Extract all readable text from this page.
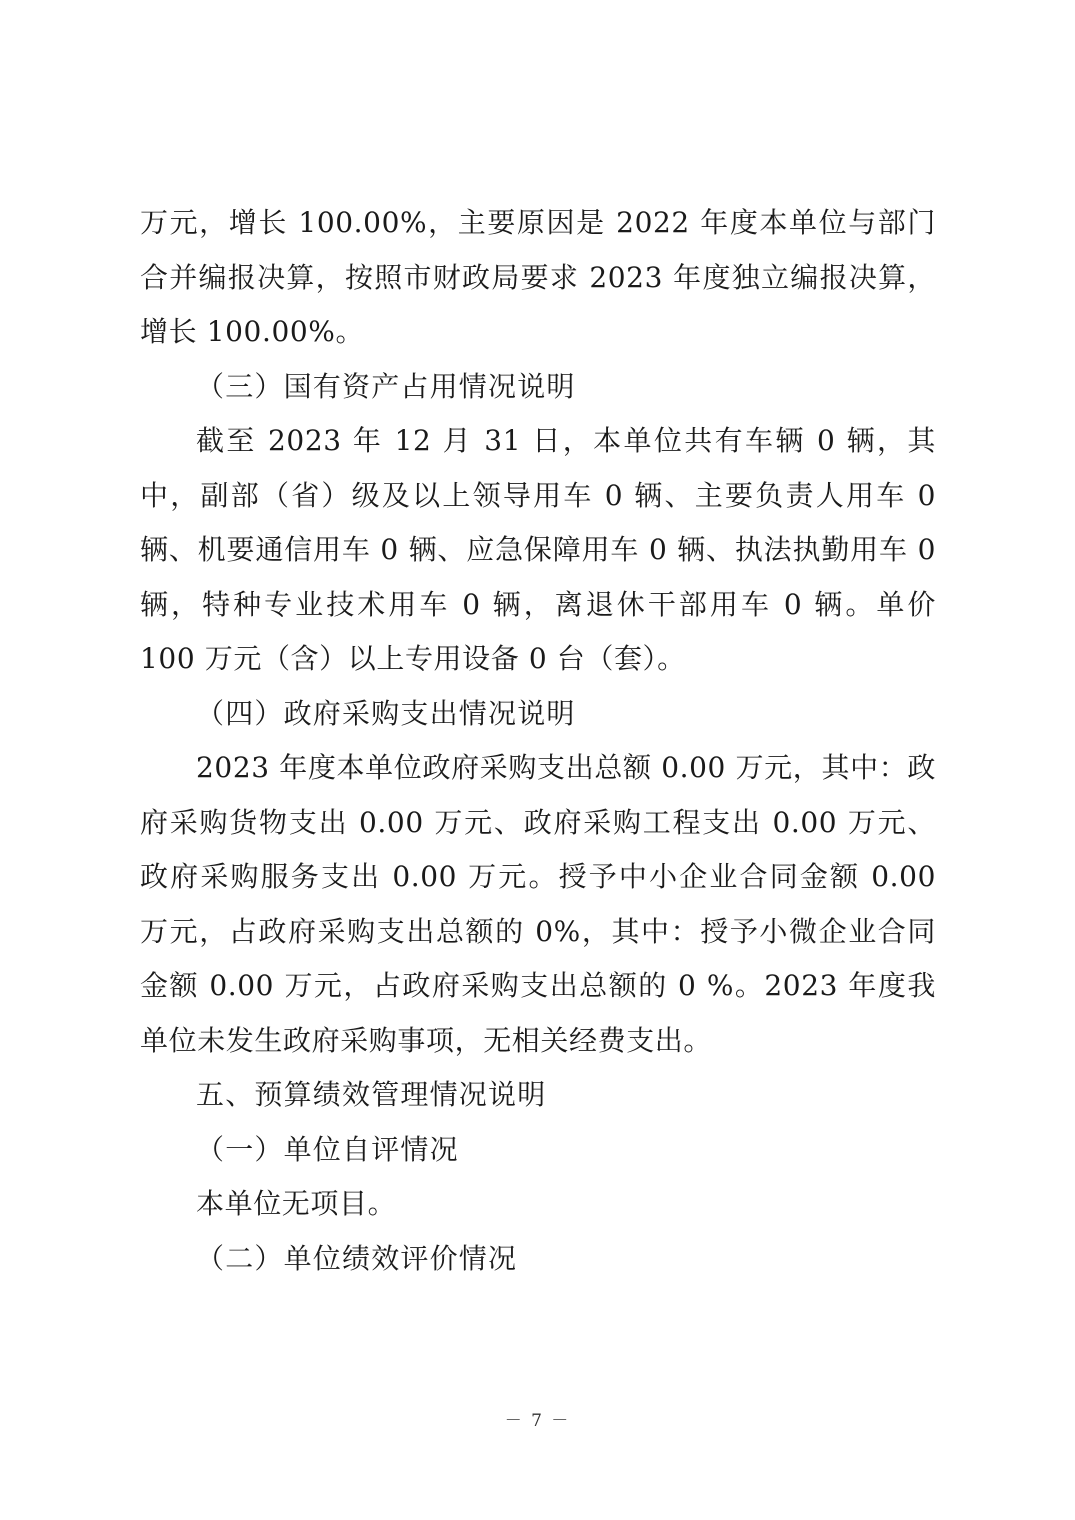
万元，增长 100.00%，主要原因是 2022 年度本单位与部门合并编报决算，按照市财政局要求 2023 年度独立编报决算，增长 100.00%。

（三）国有资产占用情况说明

截至 2023 年 12 月 31 日，本单位共有车辆 0 辆，其中，副部（省）级及以上领导用车 0 辆、主要负责人用车 0 辆、机要通信用车 0 辆、应急保障用车 0 辆、执法执勤用车 0 辆，特种专业技术用车 0 辆，离退休干部用车 0 辆。单价 100 万元（含）以上专用设备 0 台（套）。

（四）政府采购支出情况说明

2023 年度本单位政府采购支出总额 0.00 万元，其中：政府采购货物支出 0.00 万元、政府采购工程支出 0.00 万元、政府采购服务支出 0.00 万元。授予中小企业合同金额 0.00 万元，占政府采购支出总额的 0%，其中：授予小微企业合同金额 0.00 万元，占政府采购支出总额的 0 %。2023 年度我单位未发生政府采购事项，无相关经费支出。

五、预算绩效管理情况说明

（一）单位自评情况

本单位无项目。

（二）单位绩效评价情况

－ 7 －
